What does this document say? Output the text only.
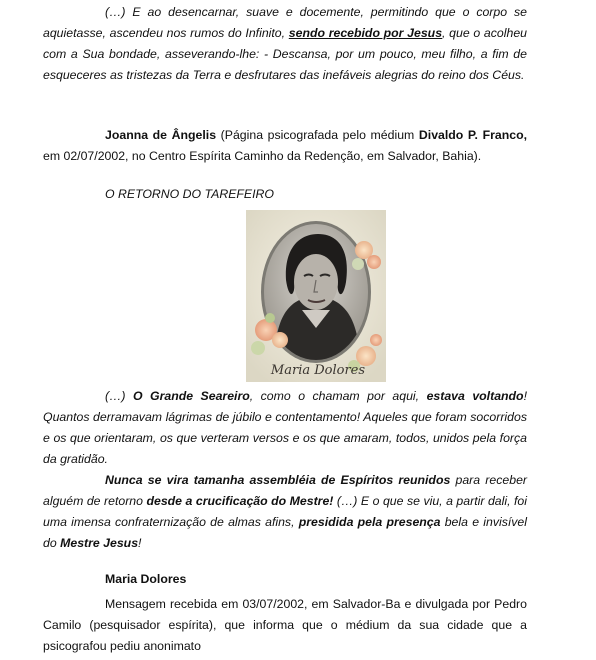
(…) E ao desencarnar, suave e docemente, permitindo que o corpo se aquietasse, ascendeu nos rumos do Infinito, sendo recebido por Jesus, que o acolheu com a Sua bondade, asseverando-lhe: - Descansa, por um pouco, meu filho, a fim de esqueceres as tristezas da Terra e desfrutares das inefáveis alegrias do reino dos Céus.

Joanna de Ângelis (Página psicografada pelo médium Divaldo P. Franco, em 02/07/2002, no Centro Espírita Caminho da Redenção, em Salvador, Bahia).

O RETORNO DO TAREFEIRO

Maria Dolores

(…) O Grande Seareiro, como o chamam por aqui, estava voltando! Quantos derramavam lágrimas de júbilo e contentamento! Aqueles que foram socorridos e os que orientaram, os que verteram versos e os que amaram, todos, unidos pela força da gratidão.

Nunca se vira tamanha assembléia de Espíritos reunidos para receber alguém de retorno desde a crucificação do Mestre! (…) E o que se viu, a partir dali, foi uma imensa confraternização de almas afins, presidida pela presença bela e invisível do Mestre Jesus!

Maria Dolores

Mensagem recebida em 03/07/2002, em Salvador-Ba e divulgada por Pedro Camilo (pesquisador espírita), que informa que o médium da sua cidade que a psicografou pediu anonimato
